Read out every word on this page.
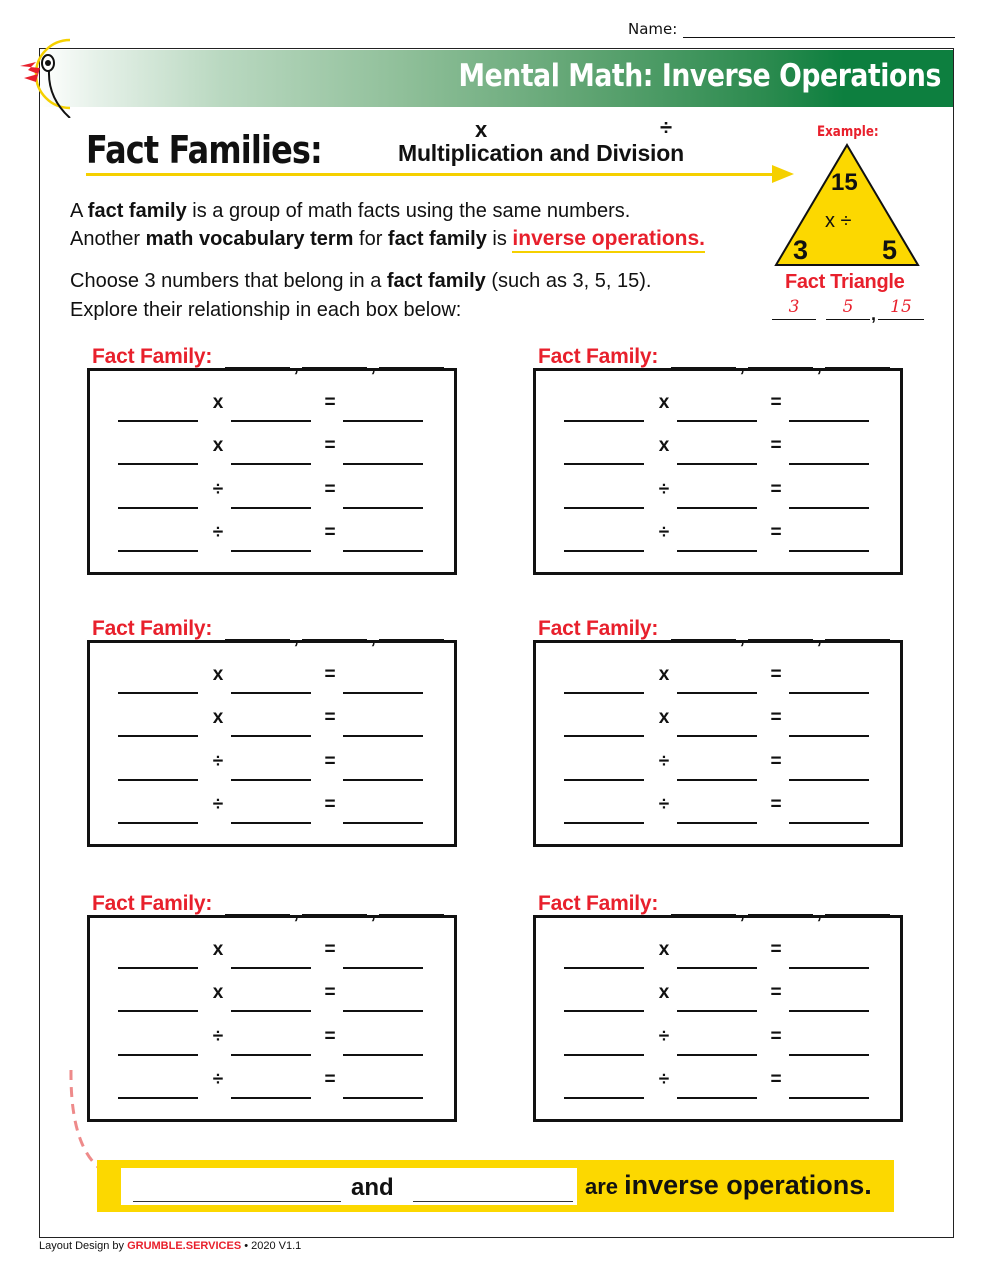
Name:
Mental Math: Inverse Operations
Fact Families:	x	÷
Multiplication and Division
A fact family is a group of math facts using the same numbers.
Another math vocabulary term for fact family is inverse operations.
Choose 3 numbers that belong in a fact family (such as 3, 5, 15).
Explore their relationship in each box below:
Example:
15
x ÷
3	5
Fact Triangle
3	5 , 15
Fact Family:	,	,
x	=
x	=
÷	=
÷	=
Fact Family:	,	,
x	=
x	=
÷	=
÷	=
Fact Family:	,	,
x	=
x	=
÷	=
÷	=
Fact Family:	,	,
x	=
x	=
÷	=
÷	=
Fact Family:	,	,
x	=
x	=
÷	=
÷	=
Fact Family:	,	,
x	=
x	=
÷	=
÷	=
and	are inverse operations.
Layout Design by GRUMBLE.SERVICES • 2020 V1.1
